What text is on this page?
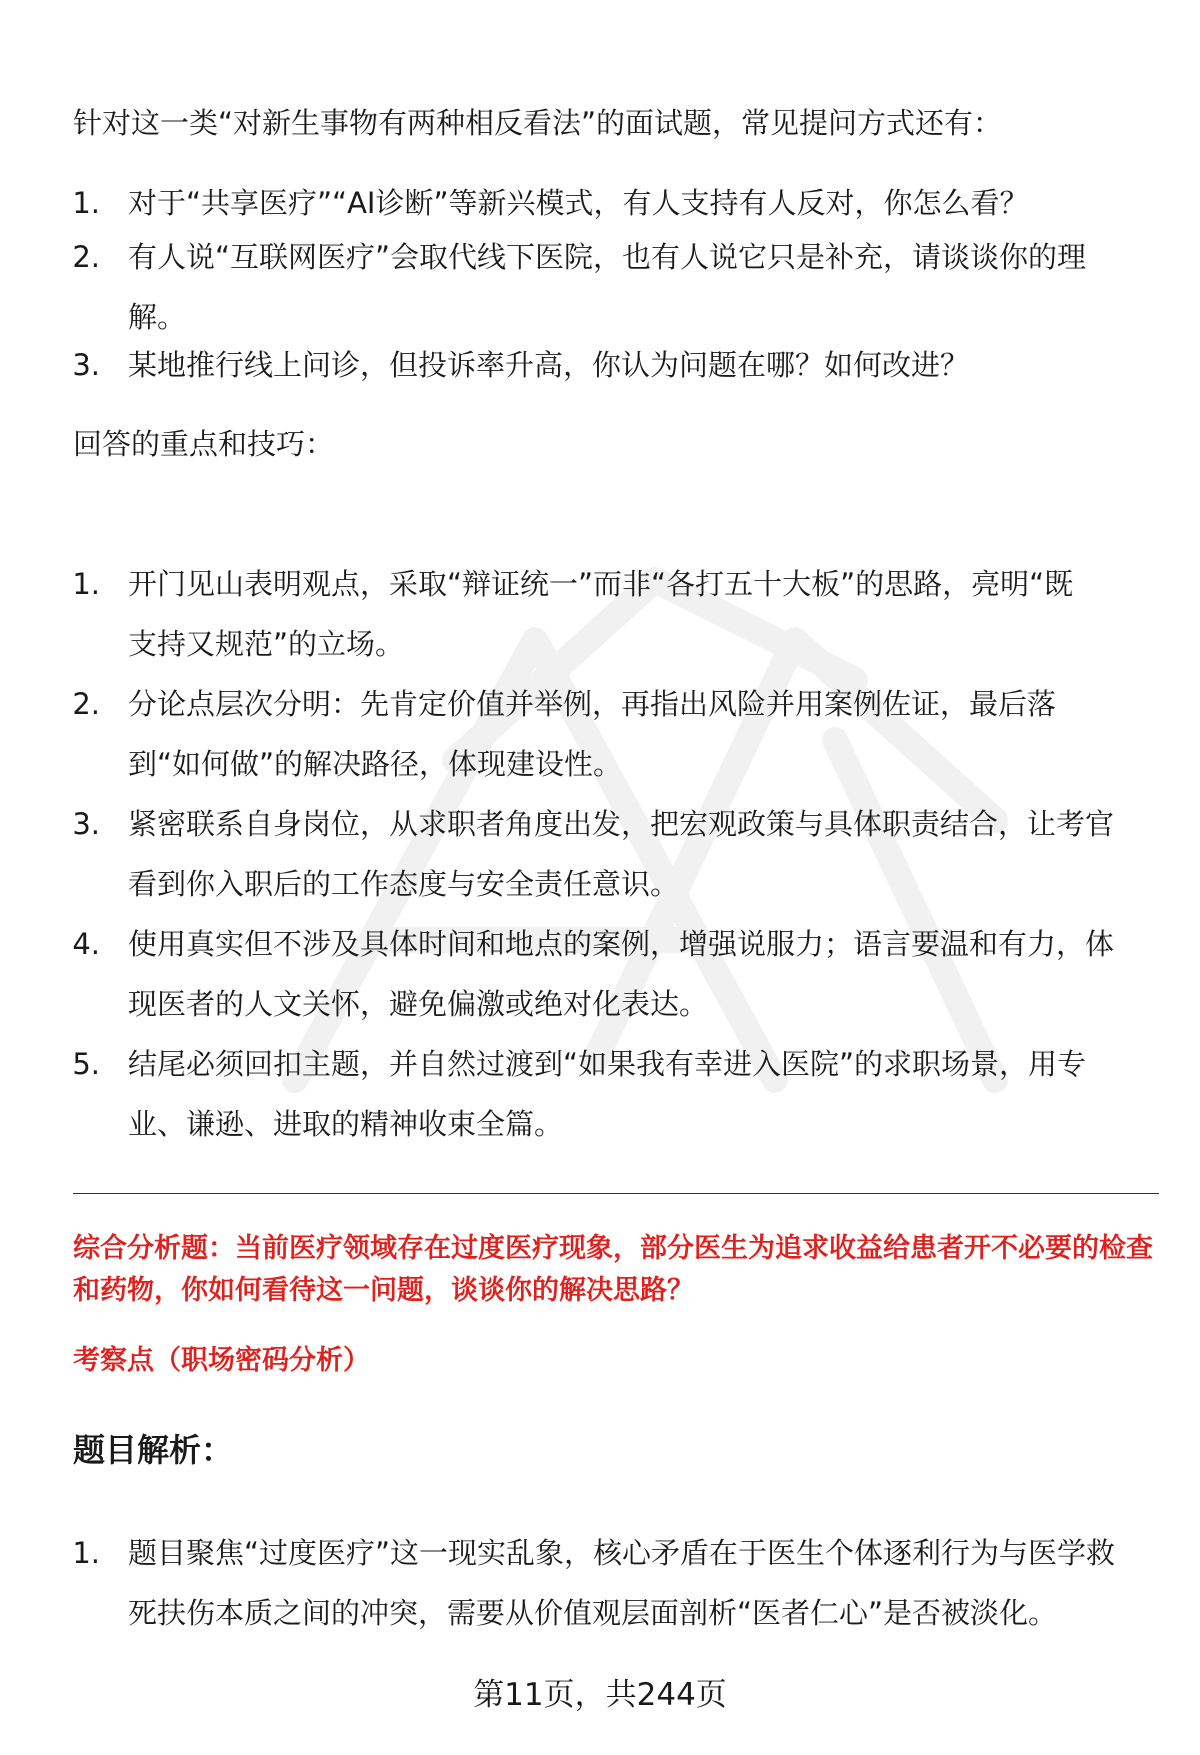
针对这一类“对新生事物有两种相反看法”的面试题，常见提问方式还有：
1. 对于“共享医疗”“AI诊断”等新兴模式，有人支持有人反对，你怎么看？
2. 有人说“互联网医疗”会取代线下医院，也有人说它只是补充，请谈谈你的理解。
3. 某地推行线上问诊，但投诉率升高，你认为问题在哪？如何改进？
回答的重点和技巧：
1. 开门见山表明观点，采取“辩证统一”而非“各打五十大板”的思路，亮明“既支持又规范”的立场。
2. 分论点层次分明：先肯定价值并举例，再指出风险并用案例佐证，最后落到“如何做”的解决路径，体现建设性。
3. 紧密联系自身岗位，从求职者角度出发，把宏观政策与具体职责结合，让考官看到你入职后的工作态度与安全责任意识。
4. 使用真实但不涉及具体时间和地点的案例，增强说服力；语言要温和有力，体现医者的人文关怀，避免偏激或绝对化表达。
5. 结尾必须回扣主题，并自然过渡到“如果我有幸进入医院”的求职场景，用专业、谦逊、进取的精神收束全篇。
综合分析题：当前医疗领域存在过度医疗现象，部分医生为追求收益给患者开不必要的检查和药物，你如何看待这一问题，谈谈你的解决思路？
考察点（职场密码分析）
题目解析：
1. 题目聚焦“过度医疗”这一现实乱象，核心矛盾在于医生个体逐利行为与医学救死扶伤本质之间的冲突，需要从价值观层面剖析“医者仁心”是否被淡化。
第11页，共244页
